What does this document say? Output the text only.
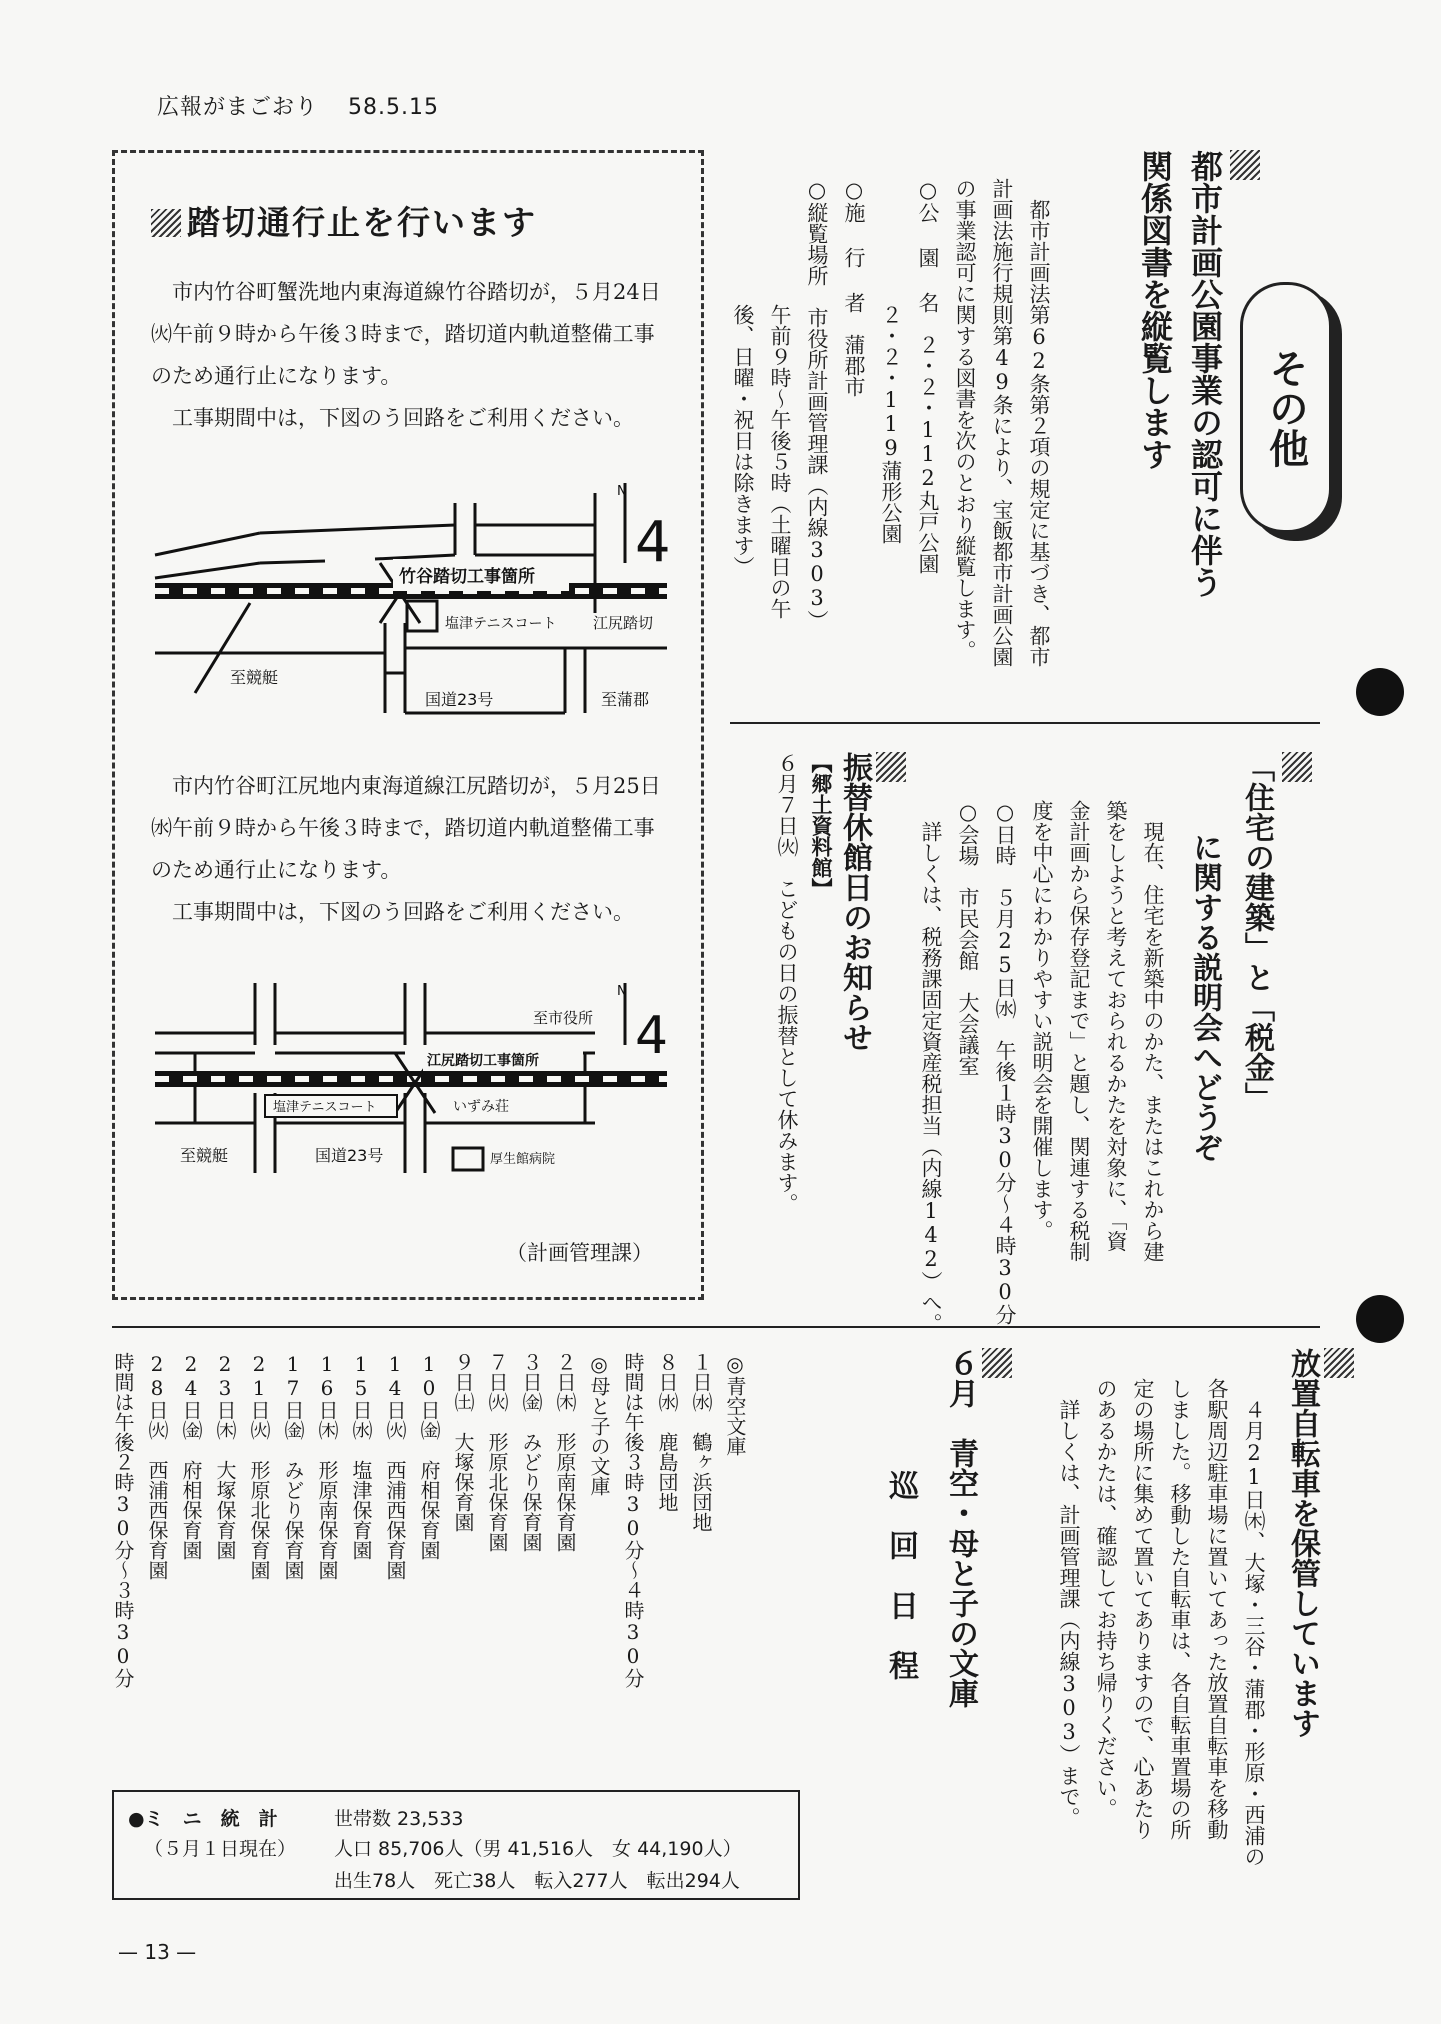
広報がまごおり 58.5.15
踏切通行止を行います
　市内竹谷町蟹洗地内東海道線竹谷踏切が，５月24日㈫午前９時から午後３時まで，踏切道内軌道整備工事のため通行止になります。
　工事期間中は，下図のう回路をご利用ください。
竹谷踏切工事箇所
塩津テニスコート 江尻踏切
至競艇
国道23号	至蒲郡
N
4
　市内竹谷町江尻地内東海道線江尻踏切が，５月25日㈬午前９時から午後３時まで，踏切道内軌道整備工事のため通行止になります。
　工事期間中は，下図のう回路をご利用ください。
江尻踏切工事箇所
塩津テニスコート	いずみ荘
至市役所
至競艇	国道23号	厚生館病院
N
4
（計画管理課）
都市計画公園事業の認可に伴う
関係図書を縦覧します
　都市計画法第62条第２項の規定に基づき、都市
計画法施行規則第49条により、宝飯都市計画公園
の事業認可に関する図書を次のとおり縦覧します。
○公 園 名　２・２・112丸戸公園
　　　　　　２・２・119蒲形公園
○施 行 者　蒲郡市
○縦覧場所　市役所計画管理課（内線303）
　　　　　　午前９時～午後５時（土曜日の午
　　　　　　後、日曜・祝日は除きます）	その他
「住宅の建築」と「税金」
に関する説明会へどうぞ
　現在、住宅を新築中のかた、またはこれから建
築をしようと考えておられるかたを対象に、「資
金計画から保存登記まで」と題し、関連する税制
度を中心にわかりやすい説明会を開催します。
○日時　５月25日㈬　午後１時30分～４時30分
○会場　市民会館　大会議室
　詳しくは、税務課固定資産税担当（内線142）へ。
振替休館日のお知らせ
【郷土資料館】
６月７日㈫　こどもの日の振替として休みます。
放置自転車を保管しています
　４月21日㈭、大塚・三谷・蒲郡・形原・西浦の
各駅周辺駐車場に置いてあった放置自転車を移動
しました。移動した自転車は、各自転車置場の所
定の場所に集めて置いてありますので、心あたり
のあるかたは、確認してお持ち帰りください。
　詳しくは、計画管理課（内線303）まで。
６月　青空・母と子の文庫
巡　回　日　程
◎青空文庫
１日㈬　鶴ヶ浜団地
８日㈬　鹿島団地
時間は午後３時30分～４時30分
◎母と子の文庫
２日㈭　形原南保育園
３日㈮　みどり保育園
７日㈫　形原北保育園
９日㈯　大塚保育園
10日㈮　府相保育園
14日㈫　西浦西保育園
15日㈬　塩津保育園
16日㈭　形原南保育園
17日㈮　みどり保育園
21日㈫　形原北保育園
23日㈭　大塚保育園
24日㈮　府相保育園
28日㈫　西浦西保育園
時間は午後２時30分～３時30分
●ミ　ニ　統　計	世帯数 23,533
（５月１日現在） 人口 85,706人（男 41,516人　女 44,190人）
出生78人　死亡38人　転入277人　転出294人
— 13 —
